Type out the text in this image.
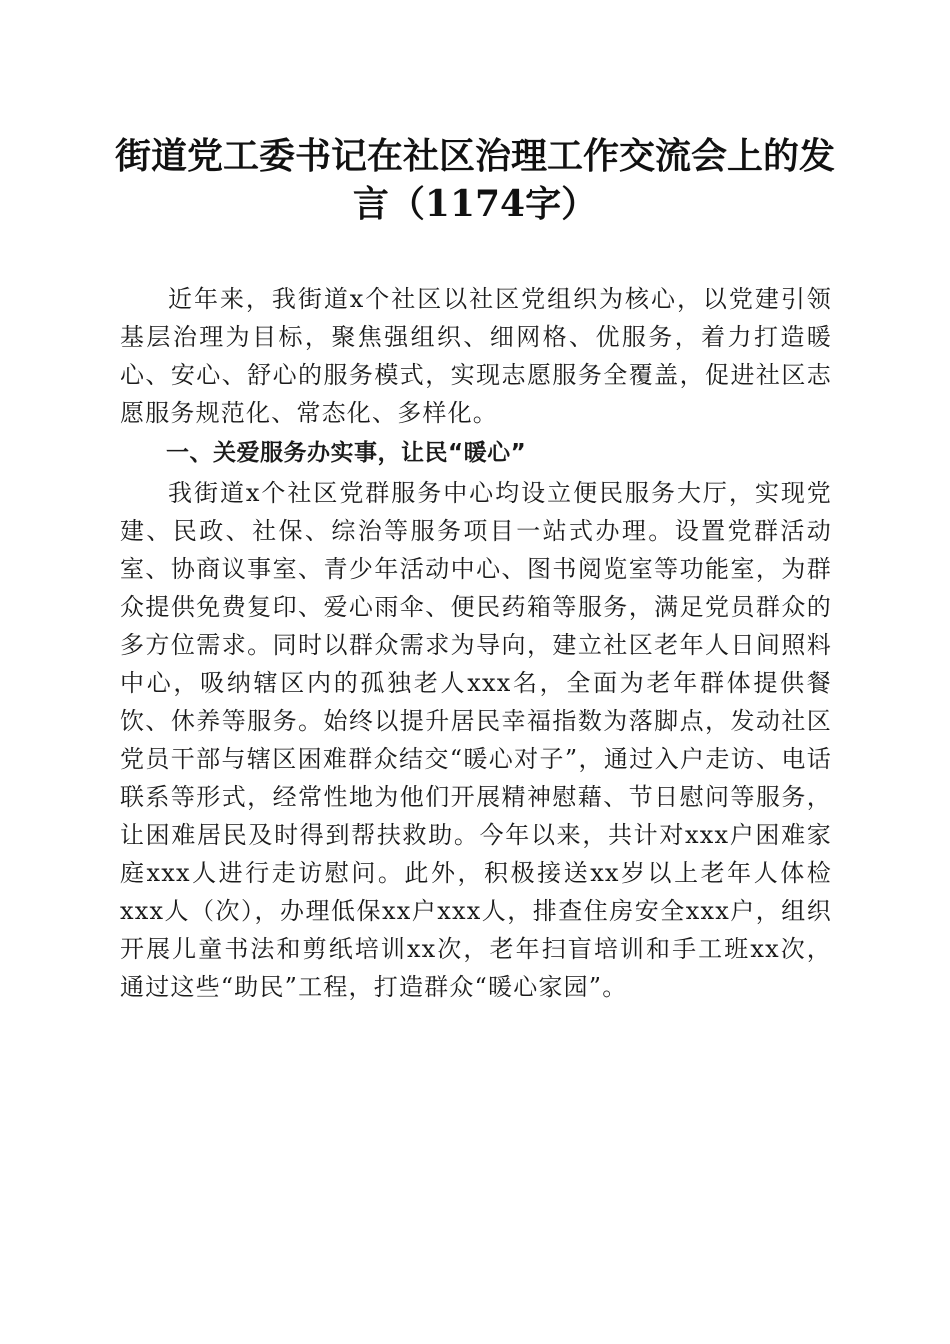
街道党工委书记在社区治理工作交流会上的发言（1174字）

近年来，我街道x个社区以社区党组织为核心，以党建引领基层治理为目标，聚焦强组织、细网格、优服务，着力打造暖心、安心、舒心的服务模式，实现志愿服务全覆盖，促进社区志愿服务规范化、常态化、多样化。

一、关爱服务办实事，让民“暖心”

我街道x个社区党群服务中心均设立便民服务大厅，实现党建、民政、社保、综治等服务项目一站式办理。设置党群活动室、协商议事室、青少年活动中心、图书阅览室等功能室，为群众提供免费复印、爱心雨伞、便民药箱等服务，满足党员群众的多方位需求。同时以群众需求为导向，建立社区老年人日间照料中心，吸纳辖区内的孤独老人xxx名，全面为老年群体提供餐饮、休养等服务。始终以提升居民幸福指数为落脚点，发动社区党员干部与辖区困难群众结交“暖心对子”，通过入户走访、电话联系等形式，经常性地为他们开展精神慰藉、节日慰问等服务，让困难居民及时得到帮扶救助。今年以来，共计对xxx户困难家庭xxx人进行走访慰问。此外，积极接送xx岁以上老年人体检xxx人（次），办理低保xx户xxx人，排查住房安全xxx户，组织开展儿童书法和剪纸培训xx次，老年扫盲培训和手工班xx次，通过这些“助民”工程，打造群众“暖心家园”。
